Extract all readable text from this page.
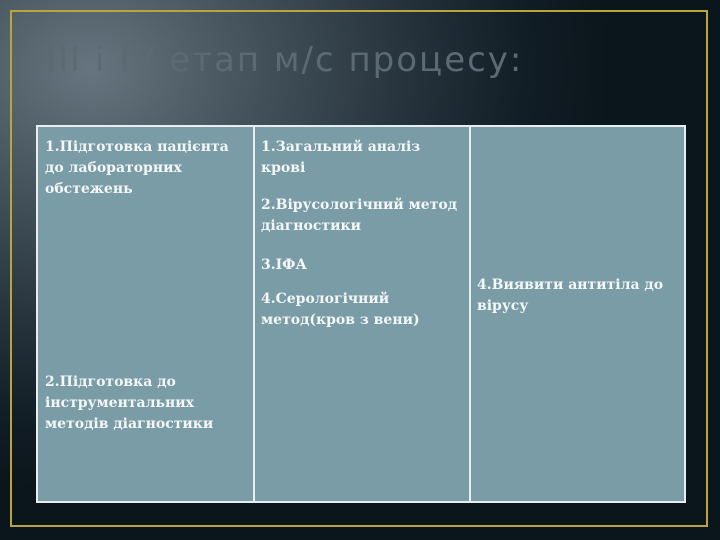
ІІІ і ІV етап м/с процесу:

1.Підготовка пацієнта до лабораторних обстежень

2.Підготовка до інструментальних методів діагностики

1.Загальний аналіз крові

2.Вірусологічний метод діагностики

3.ІФА

4.Серологічний метод(кров з вени)

4.Виявити антитіла до вірусу
